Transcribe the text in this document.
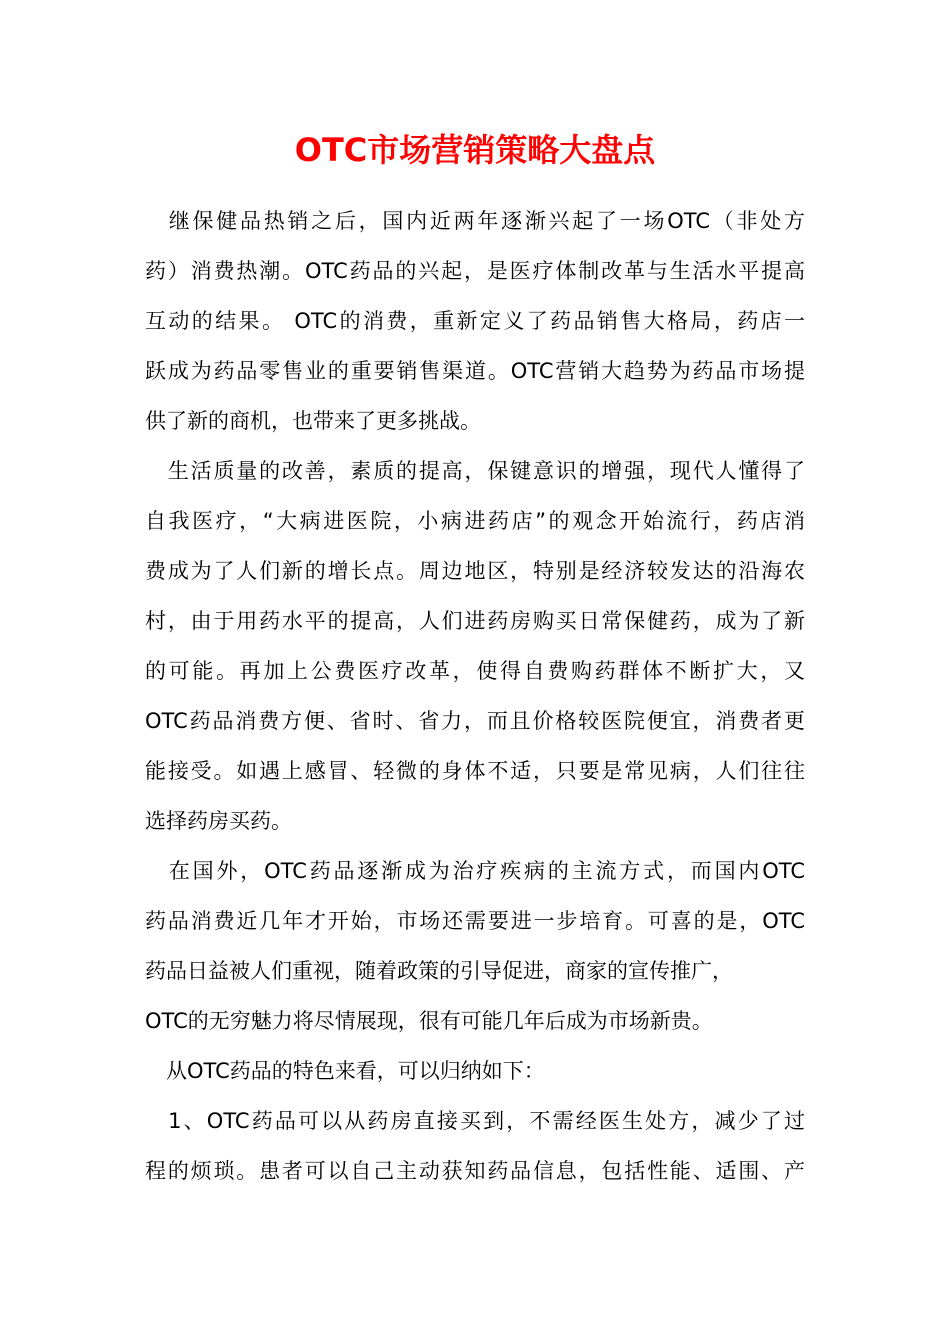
OTC市场营销策略大盘点

　继保健品热销之后，国内近两年逐渐兴起了一场OTC（非处方

药）消费热潮。OTC药品的兴起，是医疗体制改革与生活水平提高

互动的结果。 OTC的消费，重新定义了药品销售大格局，药店一

跃成为药品零售业的重要销售渠道。OTC营销大趋势为药品市场提

供了新的商机，也带来了更多挑战。

　生活质量的改善，素质的提高，保键意识的增强，现代人懂得了

自我医疗，“大病进医院，小病进药店”的观念开始流行，药店消

费成为了人们新的增长点。周边地区，特别是经济较发达的沿海农

村，由于用药水平的提高，人们进药房购买日常保健药，成为了新

的可能。再加上公费医疗改革，使得自费购药群体不断扩大，又

OTC药品消费方便、省时、省力，而且价格较医院便宜，消费者更

能接受。如遇上感冒、轻微的身体不适，只要是常见病，人们往往

选择药房买药。

　在国外，OTC药品逐渐成为治疗疾病的主流方式，而国内OTC

药品消费近几年才开始，市场还需要进一步培育。可喜的是，OTC

药品日益被人们重视，随着政策的引导促进，商家的宣传推广，

OTC的无穷魅力将尽情展现，很有可能几年后成为市场新贵。

　从OTC药品的特色来看，可以归纳如下：

　1、OTC药品可以从药房直接买到，不需经医生处方，减少了过

程的烦琐。患者可以自己主动获知药品信息，包括性能、适围、产
